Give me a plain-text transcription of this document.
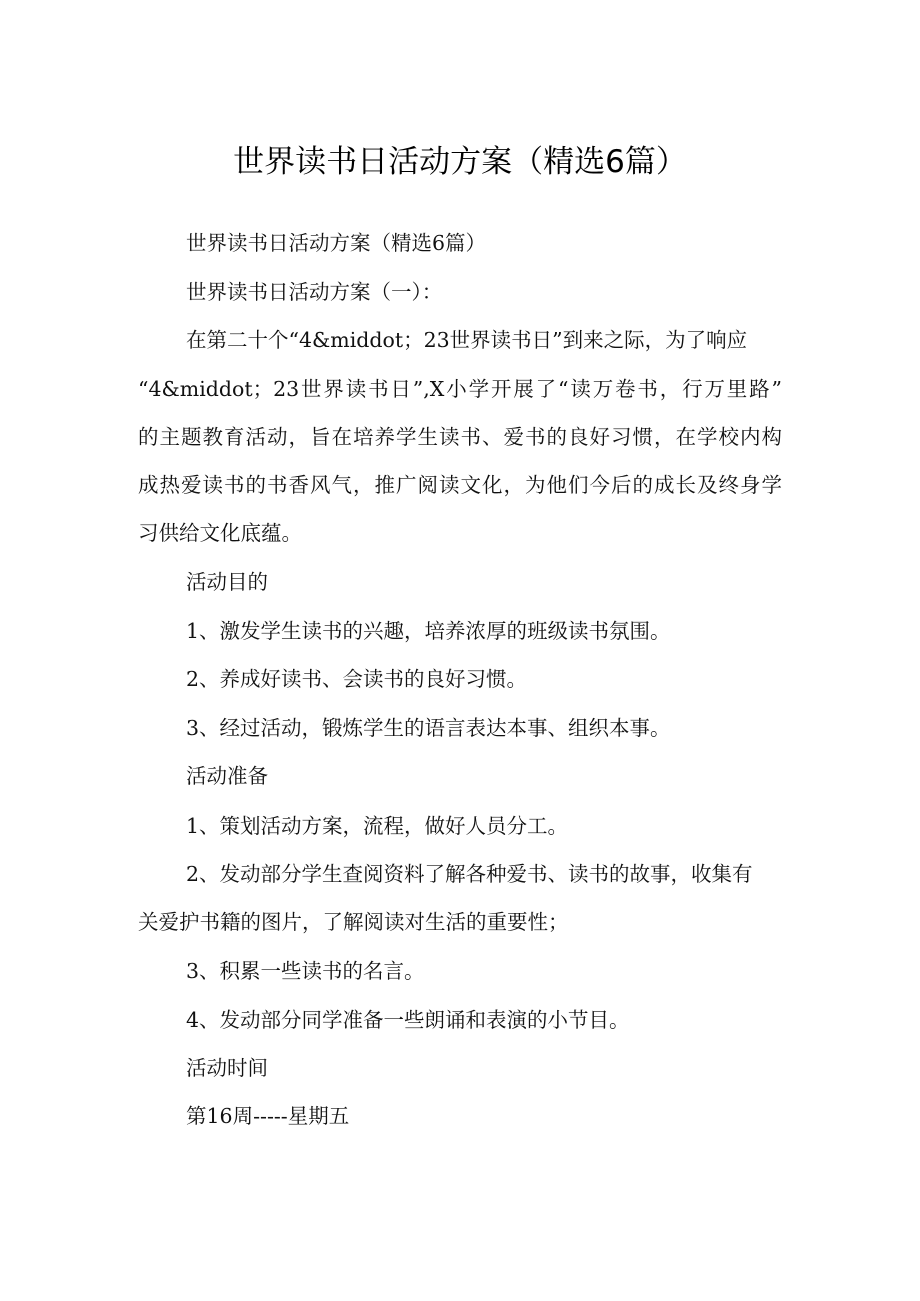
世界读书日活动方案（精选6篇）

世界读书日活动方案（精选6篇）

世界读书日活动方案（一）：

在第二十个“4&middot；23世界读书日”到来之际，为了响应

“4&middot；23世界读书日”,X小学开展了“读万卷书，行万里路”

的主题教育活动，旨在培养学生读书、爱书的良好习惯，在学校内构

成热爱读书的书香风气，推广阅读文化，为他们今后的成长及终身学

习供给文化底蕴。

活动目的

1、激发学生读书的兴趣，培养浓厚的班级读书氛围。

2、养成好读书、会读书的良好习惯。

3、经过活动，锻炼学生的语言表达本事、组织本事。

活动准备

1、策划活动方案，流程，做好人员分工。

2、发动部分学生查阅资料了解各种爱书、读书的故事，收集有

关爱护书籍的图片，了解阅读对生活的重要性；

3、积累一些读书的名言。

4、发动部分同学准备一些朗诵和表演的小节目。

活动时间

第16周-----星期五
